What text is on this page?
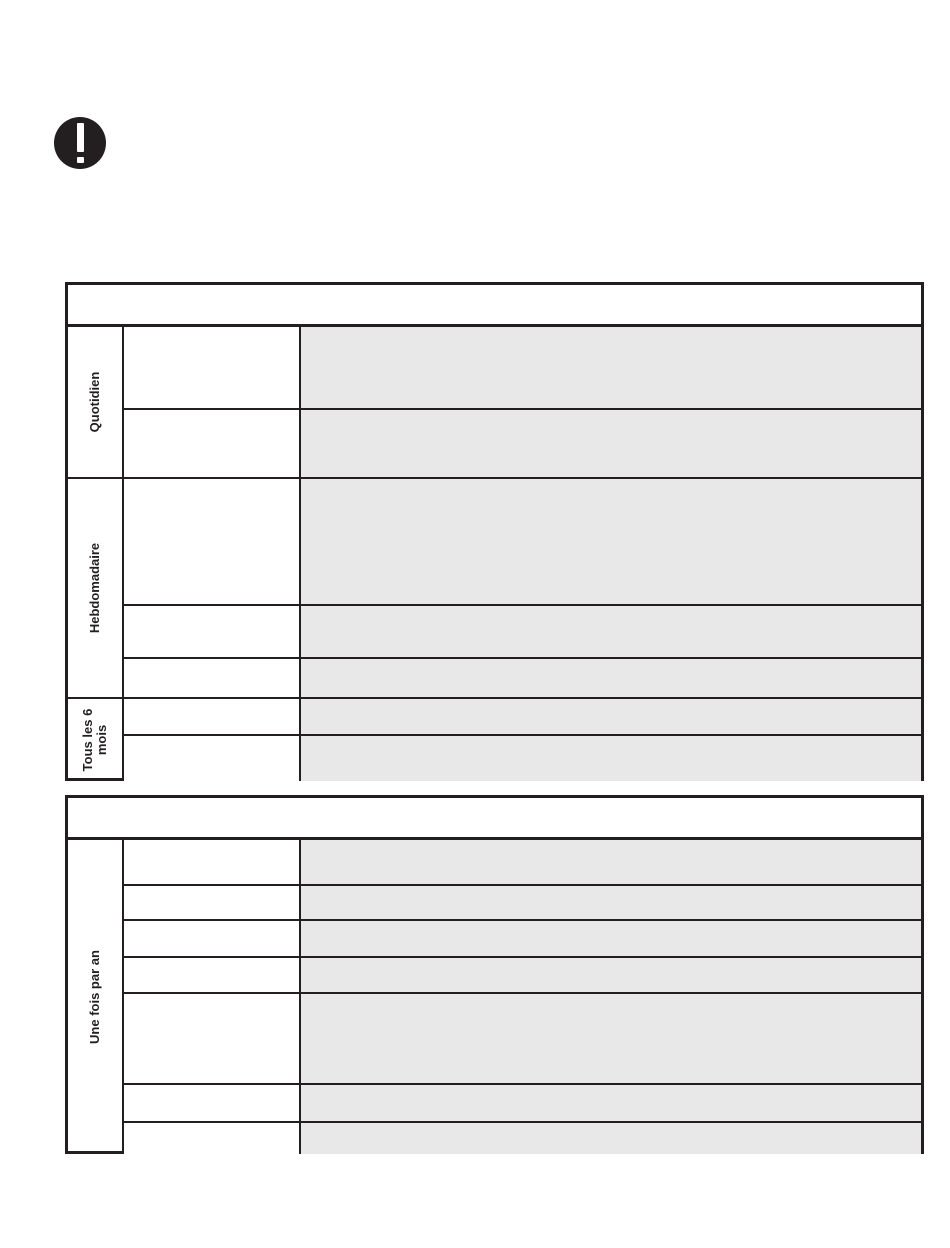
Quotidien
Hebdomadaire
Tous les 6 mois
Une fois par an
